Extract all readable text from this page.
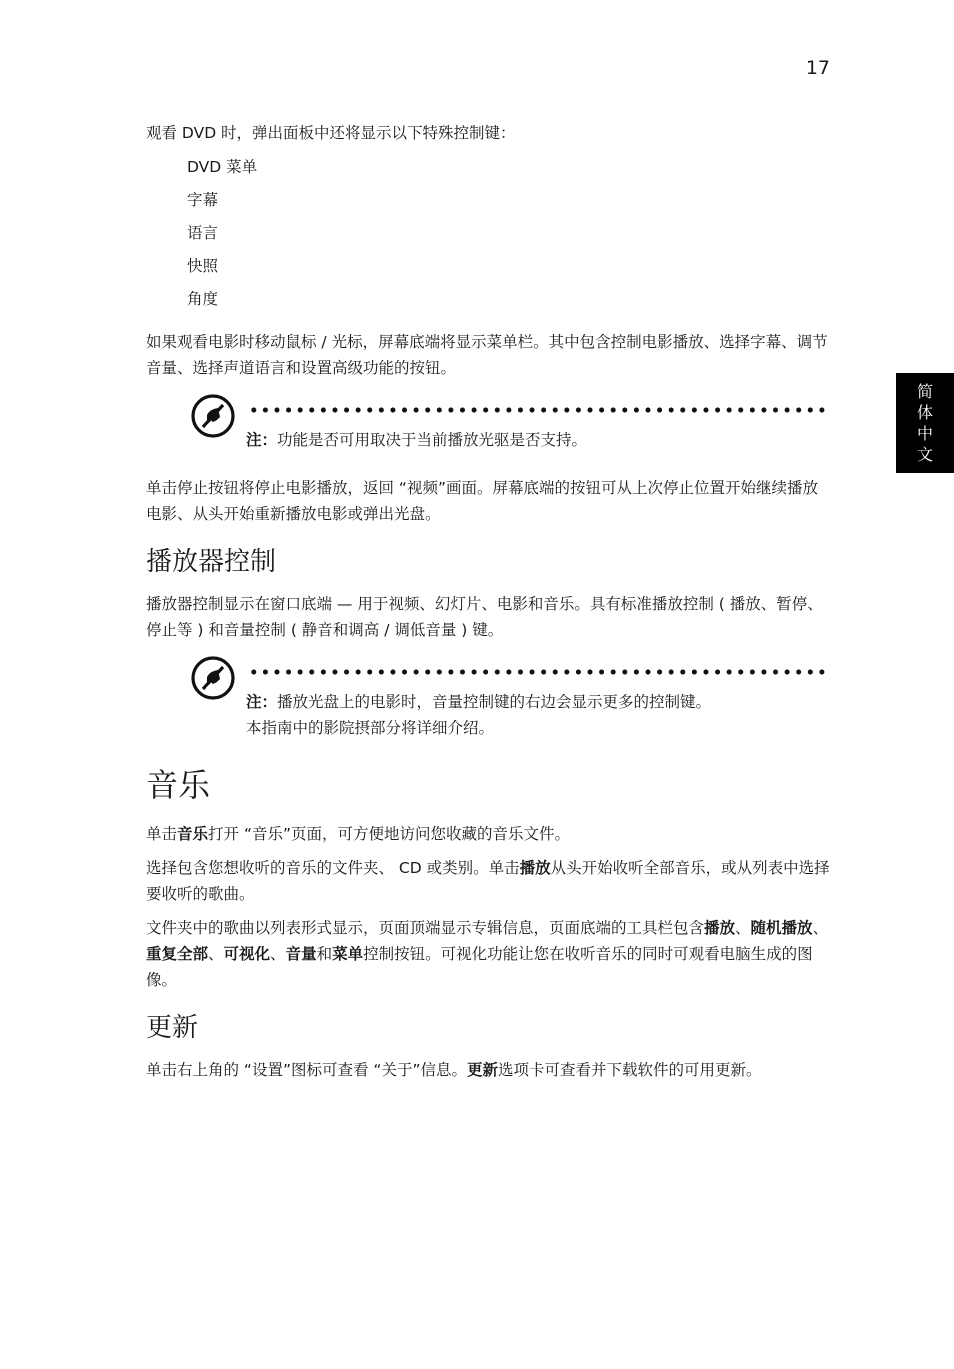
17
简体中文

观看 DVD 时，弹出面板中还将显示以下特殊控制键：

DVD 菜单
字幕
语言
快照
角度

如果观看电影时移动鼠标 / 光标，屏幕底端将显示菜单栏。其中包含控制电影播放、选择字幕、调节音量、选择声道语言和设置高级功能的按钮。

注：功能是否可用取决于当前播放光驱是否支持。

单击停止按钮将停止电影播放，返回 “视频”画面。屏幕底端的按钮可从上次停止位置开始继续播放电影、从头开始重新播放电影或弹出光盘。

播放器控制

播放器控制显示在窗口底端 — 用于视频、幻灯片、电影和音乐。具有标准播放控制 ( 播放、暂停、停止等 ) 和音量控制 ( 静音和调高 / 调低音量 ) 键。

注：播放光盘上的电影时，音量控制键的右边会显示更多的控制键。
本指南中的影院摂部分将详细介绍。
音乐

单击音乐打开 “音乐”页面，可方便地访问您收藏的音乐文件。

选择包含您想收听的音乐的文件夹、 CD 或类别。单击播放从头开始收听全部音乐，或从列表中选择要收听的歌曲。

文件夹中的歌曲以列表形式显示，页面顶端显示专辑信息，页面底端的工具栏包含播放、随机播放、重复全部、可视化、音量和菜单控制按钮。可视化功能让您在收听音乐的同时可观看电脑生成的图像。

更新

单击右上角的 “设置”图标可查看 “关于”信息。更新选项卡可查看并下载软件的可用更新。
